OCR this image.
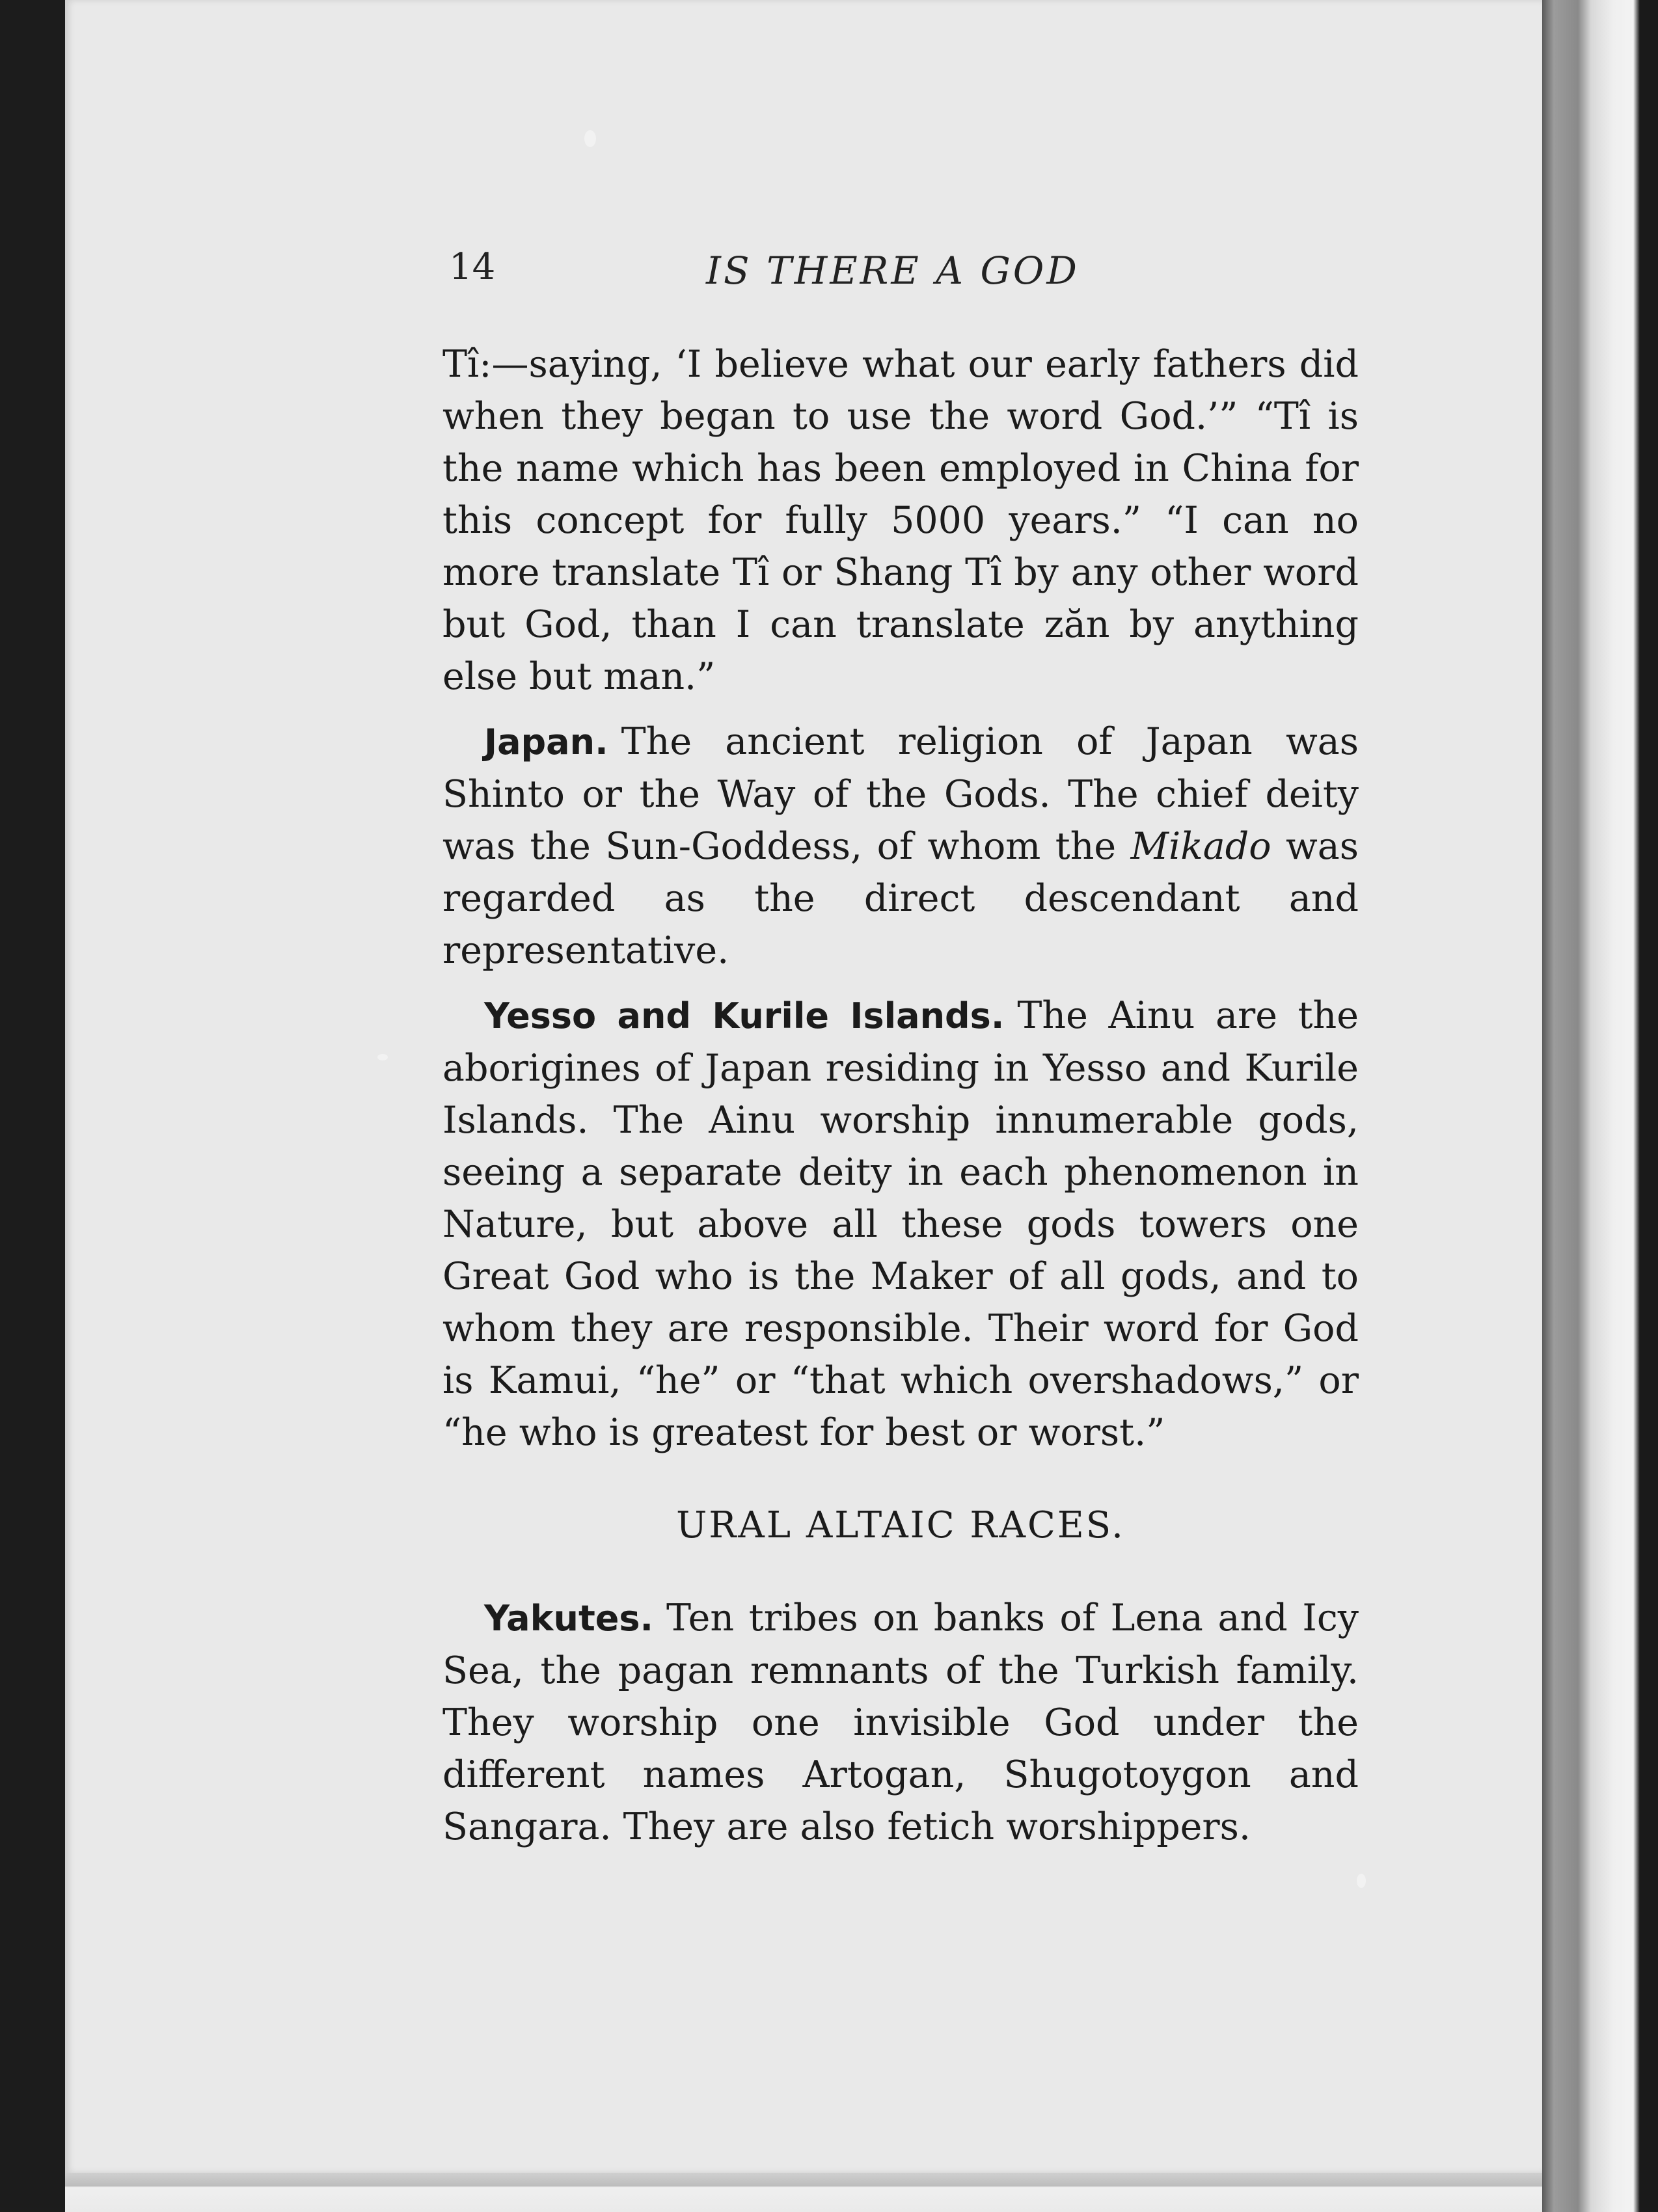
14	IS THERE A GOD

Tî:—saying, ‘I believe what our early fathers did when they began to use the word God.’” “Tî is the name which has been employed in China for this concept for fully 5000 years.” “I can no more translate Tî or Shang Tî by any other word but God, than I can translate zăn by anything else but man.”

Japan. The ancient religion of Japan was Shinto or the Way of the Gods. The chief deity was the Sun-Goddess, of whom the Mikado was regarded as the direct descendant and representative.

Yesso and Kurile Islands. The Ainu are the aborigines of Japan residing in Yesso and Kurile Islands. The Ainu worship innumerable gods, seeing a separate deity in each phenomenon in Nature, but above all these gods towers one Great God who is the Maker of all gods, and to whom they are responsible. Their word for God is Kamui, “he” or “that which overshadows,” or “he who is greatest for best or worst.”

URAL ALTAIC RACES.

Yakutes. Ten tribes on banks of Lena and Icy Sea, the pagan remnants of the Turkish family. They worship one invisible God under the different names Artogan, Shugotoygon and Sangara. They are also fetich worshippers.
